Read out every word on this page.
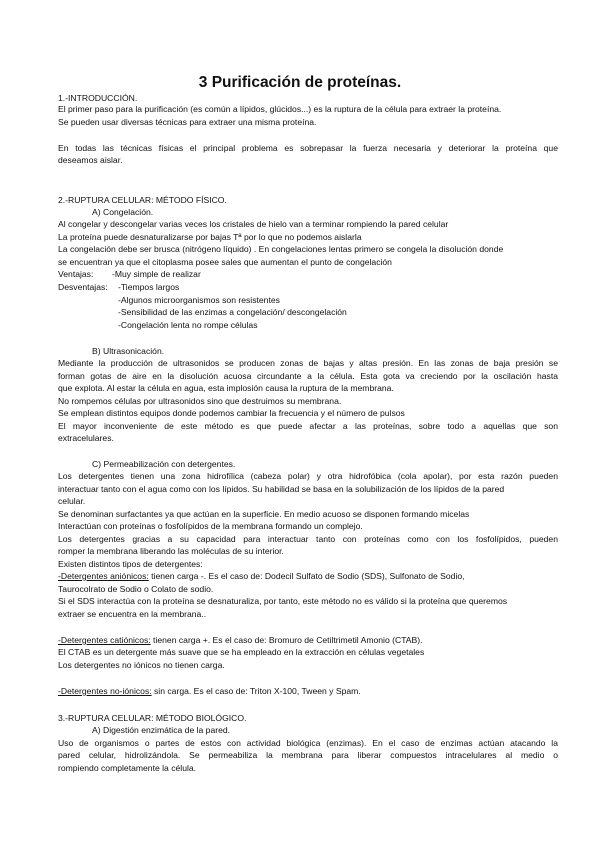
3 Purificación de proteínas.
1.-INTRODUCCIÓN.
El primer paso para la purificación (es común a lípidos, glúcidos...) es la ruptura de la célula para extraer la proteína.
Se pueden usar diversas técnicas para extraer una misma proteína.
En todas las técnicas físicas el principal problema es sobrepasar la fuerza necesaria y deteriorar la proteína que
deseamos aislar.
2.-RUPTURA CELULAR: MÉTODO FÍSICO.
A) Congelación.
Al congelar y descongelar varias veces los cristales de hielo van a terminar rompiendo la pared celular
La proteína puede desnaturalizarse por bajas Tª por lo que no podemos aislarla
La congelación debe ser brusca (nitrógeno líquido) . En congelaciones lentas primero se congela la disolución donde
se encuentran ya que el citoplasma posee sales que aumentan el punto de congelación
Ventajas: -Muy simple de realizar
Desventajas: -Tiempos largos
-Algunos microorganismos son resistentes
-Sensibilidad de las enzimas a congelación/ descongelación
-Congelación lenta no rompe células
B) Ultrasonicación.
Mediante la producción de ultrasonidos se producen zonas de bajas y altas presión. En las zonas de baja presión se
forman gotas de aire en la disolución acuosa circundante a la célula. Esta gota va creciendo por la oscilación hasta
que explota. Al estar la célula en agua, esta implosión causa la ruptura de la membrana.
No rompemos células por ultrasonidos sino que destruimos su membrana.
Se emplean distintos equipos donde podemos cambiar la frecuencia y el número de pulsos
El mayor inconveniente de este método es que puede afectar a las proteínas, sobre todo a aquellas que son
extracelulares.
C) Permeabilización con detergentes.
Los detergentes tienen una zona hidrofílica (cabeza polar) y otra hidrofóbica (cola apolar), por esta razón pueden
interactuar tanto con el agua como con los lípidos. Su habilidad se basa en la solubilización de los lípidos de la pared
celular.
Se denominan surfactantes ya que actúan en la superficie. En medio acuoso se disponen formando micelas
Interactúan con proteínas o fosfolípidos de la membrana formando un complejo.
Los detergentes gracias a su capacidad para interactuar tanto con proteínas como con los fosfolípidos, pueden
romper la membrana liberando las moléculas de su interior.
Existen distintos tipos de detergentes:
-Detergentes aniónicos: tienen carga -. Es el caso de: Dodecil Sulfato de Sodio (SDS), Sulfonato de Sodio,
Taurocolrato de Sodio o Colato de sodio.
Si el SDS interactúa con la proteína se desnaturaliza, por tanto, este método no es válido si la proteína que queremos
extraer se encuentra en la membrana..
-Detergentes catiónicos: tienen carga +. Es el caso de: Bromuro de Cetiltrimetil Amonio (CTAB).
El CTAB es un detergente más suave que se ha empleado en la extracción en células vegetales
Los detergentes no iónicos no tienen carga.
-Detergentes no-iónicos: sin carga. Es el caso de: Triton X-100, Tween y Spam.
3.-RUPTURA CELULAR: MÉTODO BIOLÓGICO.
A) Digestión enzimática de la pared.
Uso de organismos o partes de estos con actividad biológica (enzimas). En el caso de enzimas actúan atacando la
pared celular, hidrolizándola. Se permeabiliza la membrana para liberar compuestos intracelulares al medio o
rompiendo completamente la célula.
